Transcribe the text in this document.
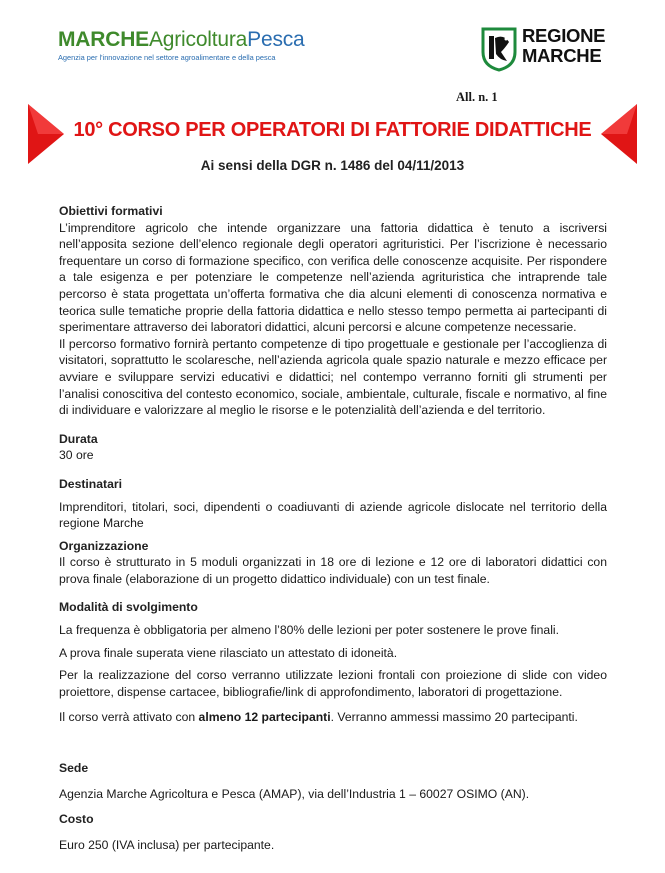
MARCHEAgricolturaPesca
Agenzia per l'innovazione nel settore agroalimentare e della pesca
REGIONE
MARCHE
All. n. 1
10° CORSO PER OPERATORI DI FATTORIE DIDATTICHE
Ai sensi della DGR n. 1486 del 04/11/2013
Obiettivi formativi

L’imprenditore agricolo che intende organizzare una fattoria didattica è tenuto a iscriversi nell’apposita sezione dell’elenco regionale degli operatori agrituristici. Per l’iscrizione è necessario frequentare un corso di formazione specifico, con verifica delle conoscenze acquisite. Per rispondere a tale esigenza e per potenziare le competenze nell’azienda agrituristica che intraprende tale percorso è stata progettata un’offerta formativa che dia alcuni elementi di conoscenza normativa e teorica sulle tematiche proprie della fattoria didattica e nello stesso tempo permetta ai partecipanti di sperimentare attraverso dei laboratori didattici, alcuni percorsi e alcune competenze necessarie.

Il percorso formativo fornirà pertanto competenze di tipo progettuale e gestionale per l’accoglienza di visitatori, soprattutto le scolaresche, nell’azienda agricola quale spazio naturale e mezzo efficace per avviare e sviluppare servizi educativi e didattici; nel contempo verranno forniti gli strumenti per l’analisi conoscitiva del contesto economico, sociale, ambientale, culturale, fiscale e normativo, al fine di individuare e valorizzare al meglio le risorse e le potenzialità dell’azienda e del territorio.

Durata
30 ore
Destinatari

Imprenditori, titolari, soci, dipendenti o coadiuvanti di aziende agricole dislocate nel territorio della regione Marche

Organizzazione

Il corso è strutturato in 5 moduli organizzati in 18 ore di lezione e 12 ore di laboratori didattici con prova finale (elaborazione di un progetto didattico individuale) con un test finale.

Modalità di svolgimento

La frequenza è obbligatoria per almeno l’80% delle lezioni per poter sostenere le prove finali.

A prova finale superata viene rilasciato un attestato di idoneità.

Per la realizzazione del corso verranno utilizzate lezioni frontali con proiezione di slide con video proiettore, dispense cartacee, bibliografie/link di approfondimento, laboratori di progettazione.

Il corso verrà attivato con almeno 12 partecipanti. Verranno ammessi massimo 20 partecipanti.

Sede

Agenzia Marche Agricoltura e Pesca (AMAP), via dell’Industria 1 – 60027 OSIMO (AN).

Costo

Euro 250 (IVA inclusa) per partecipante.
